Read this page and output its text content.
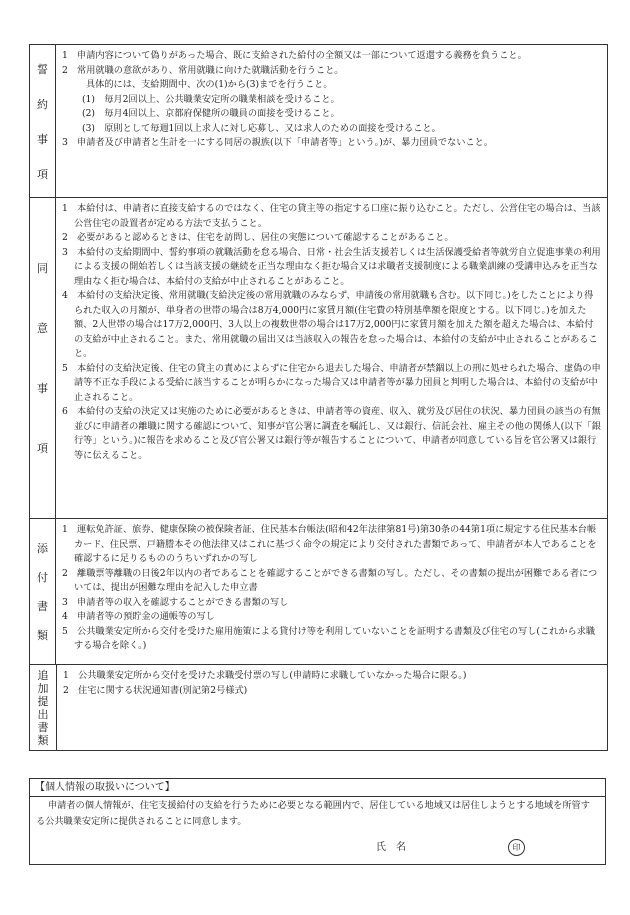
誓
約
事
項

1　申請内容について偽りがあった場合、既に支給された給付の全額又は一部について返還する義務を負うこと。

2　常用就職の意欲があり、常用就職に向けた就職活動を行うこと。

具体的には、支給期間中、次の(1)から(3)までを行うこと。

(1)　毎月2回以上、公共職業安定所の職業相談を受けること。

(2)　毎月4回以上、京都府保健所の職員の面接を受けること。

(3)　原則として毎週1回以上求人に対し応募し、又は求人のための面接を受けること。

3　申請者及び申請者と生計を一にする同居の親族(以下「申請者等」という。)が、暴力団員でないこと。

同
意
事
項

1　本給付は、申請者に直接支給するのではなく、住宅の貸主等の指定する口座に振り込むこと。ただし、公営住宅の場合は、当該公営住宅の設置者が定める方法で支払うこと。

2　必要があると認めるときは、住宅を訪問し、居住の実態について確認することがあること。

3　本給付の支給期間中、誓約事項の就職活動を怠る場合、日常・社会生活支援若しくは生活保護受給者等就労自立促進事業の利用による支援の開始若しくは当該支援の継続を正当な理由なく拒む場合又は求職者支援制度による職業訓練の受講申込みを正当な理由なく拒む場合は、本給付の支給が中止されることがあること。

4　本給付の支給決定後、常用就職(支給決定後の常用就職のみならず、申請後の常用就職も含む。以下同じ。)をしたことにより得られた収入の月額が、単身者の世帯の場合は8万4,000円に家賃月額(住宅費の特別基準額を限度とする。以下同じ。)を加えた額、2人世帯の場合は17万2,000円、3人以上の複数世帯の場合は17万2,000円に家賃月額を加えた額を超えた場合は、本給付の支給が中止されること。また、常用就職の届出又は当該収入の報告を怠った場合は、本給付の支給が中止されることがあること。

5　本給付の支給決定後、住宅の貸主の責めによらずに住宅から退去した場合、申請者が禁錮以上の刑に処せられた場合、虚偽の申請等不正な手段による受給に該当することが明らかになった場合又は申請者等が暴力団員と判明した場合は、本給付の支給が中止されること。

6　本給付の支給の決定又は実施のために必要があるときは、申請者等の資産、収入、就労及び居住の状況、暴力団員の該当の有無並びに申請者の離職に関する確認について、知事が官公署に調査を嘱託し、又は銀行、信託会社、雇主その他の関係人(以下「銀行等」という。)に報告を求めること及び官公署又は銀行等が報告することについて、申請者が同意している旨を官公署又は銀行等に伝えること。

添
付
書
類

1　運転免許証、旅券、健康保険の被保険者証、住民基本台帳法(昭和42年法律第81号)第30条の44第1項に規定する住民基本台帳カード、住民票、戸籍謄本その他法律又はこれに基づく命令の規定により交付された書類であって、申請者が本人であることを確認するに足りるもののうちいずれかの写し

2　離職票等離職の日後2年以内の者であることを確認することができる書類の写し。ただし、その書類の提出が困難である者については、提出が困難な理由を記入した申立書

3　申請者等の収入を確認することができる書類の写し

4　申請者等の預貯金の通帳等の写し

5　公共職業安定所から交付を受けた雇用施策による貸付け等を利用していないことを証明する書類及び住宅の写し(これから求職する場合を除く。)

追
加
提
出
書
類

1　公共職業安定所から交付を受けた求職受付票の写し(申請時に求職していなかった場合に限る。)

2　住宅に関する状況通知書(別記第2号様式)

【個人情報の取扱いについて】

申請者の個人情報が、住宅支援給付の支給を行うために必要となる範囲内で、居住している地域又は居住しようとする地域を所管する公共職業安定所に提供されることに同意します。

氏　名	印
